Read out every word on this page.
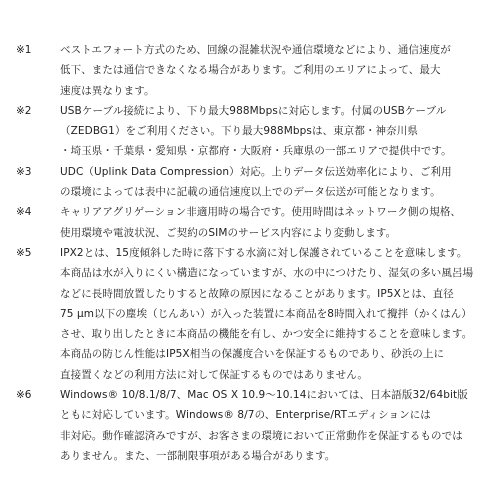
※1	ベストエフォート方式のため、回線の混雑状況や通信環境などにより、通信速度が
低下、または通信できなくなる場合があります。ご利用のエリアによって、最大
速度は異なります。
※2	USBケーブル接続により、下り最大988Mbpsに対応します。付属のUSBケーブル
（ZEDBG1）をご利用ください。下り最大988Mbpsは、東京都・神奈川県
・埼玉県・千葉県・愛知県・京都府・大阪府・兵庫県の一部エリアで提供中です。
※3	UDC（Uplink Data Compression）対応。上りデータ伝送効率化により、ご利用
の環境によっては表中に記載の通信速度以上でのデータ伝送が可能となります。
※4	キャリアアグリゲーション非適用時の場合です。使用時間はネットワーク側の規格、
使用環境や電波状況、ご契約のSIMのサービス内容により変動します。
※5	IPX2とは、15度傾斜した時に落下する水滴に対し保護されていることを意味します。
本商品は水が入りにくい構造になっていますが、水の中につけたり、湿気の多い風呂場
などに長時間放置したりすると故障の原因になることがあります。IP5Xとは、直径
75 μm以下の塵埃（じんあい）が入った装置に本商品を8時間入れて攪拌（かくはん）
させ、取り出したときに本商品の機能を有し、かつ安全に維持することを意味します。
本商品の防じん性能はIP5X相当の保護度合いを保証するものであり、砂浜の上に
直接置くなどの利用方法に対して保証するものではありません。
※6	Windows® 10/8.1/8/7、Mac OS X 10.9～10.14においては、日本語版32/64bit版
ともに対応しています。Windows® 8/7の、Enterprise/RTエディションには
非対応。動作確認済みですが、お客さまの環境において正常動作を保証するものでは
ありません。また、一部制限事項がある場合があります。
